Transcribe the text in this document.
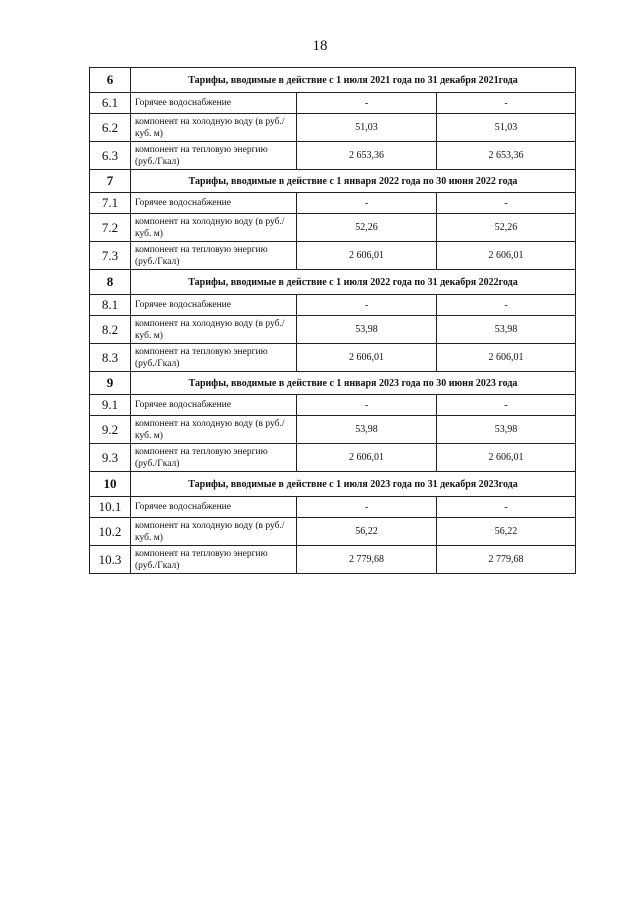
18
6	Тарифы, вводимые в действие с 1 июля 2021 года по 31 декабря 2021года		
6.1	Горячее водоснабжение	-	-
6.2	компонент на холодную воду (в руб./куб. м)	51,03	51,03
6.3	компонент на тепловую энергию (руб./Гкал)	2 653,36	2 653,36
7	Тарифы, вводимые в действие с 1 января 2022 года по 30 июня 2022 года		
7.1	Горячее водоснабжение	-	-
7.2	компонент на холодную воду (в руб./куб. м)	52,26	52,26
7.3	компонент на тепловую энергию (руб./Гкал)	2 606,01	2 606,01
8	Тарифы, вводимые в действие с 1 июля 2022 года по 31 декабря 2022года		
8.1	Горячее водоснабжение	-	-
8.2	компонент на холодную воду (в руб./куб. м)	53,98	53,98
8.3	компонент на тепловую энергию (руб./Гкал)	2 606,01	2 606,01
9	Тарифы, вводимые в действие с 1 января 2023 года по 30 июня 2023 года		
9.1	Горячее водоснабжение	-	-
9.2	компонент на холодную воду (в руб./куб. м)	53,98	53,98
9.3	компонент на тепловую энергию (руб./Гкал)	2 606,01	2 606,01
10	Тарифы, вводимые в действие с 1 июля 2023 года по 31 декабря 2023года		
10.1	Горячее водоснабжение	-	-
10.2	компонент на холодную воду (в руб./куб. м)	56,22	56,22
10.3	компонент на тепловую энергию (руб./Гкал)	2 779,68	2 779,68
